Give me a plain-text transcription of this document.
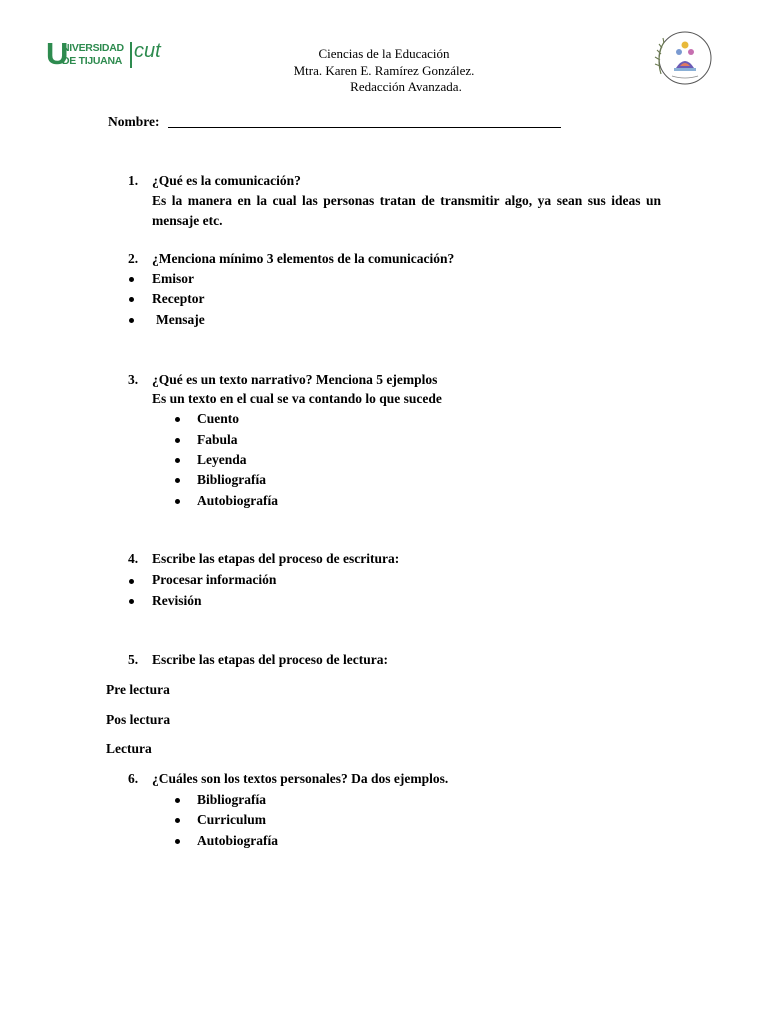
U
NIVERSIDAD
DE TIJUANA cut	Ciencias de la Educación
Mtra. Karen E. Ramírez González.
Redacción Avanzada.
Nombre:
1. ¿Qué es la comunicación?
Es la manera en la cual las personas tratan de transmitir algo, ya sean sus ideas un mensaje etc.
2. ¿Menciona mínimo 3 elementos de la comunicación?
Emisor
Receptor
Mensaje
3. ¿Qué es un texto narrativo? Menciona 5 ejemplos
Es un texto en el cual se va contando lo que sucede
Cuento
Fabula
Leyenda
Bibliografía
Autobiografía
4. Escribe las etapas del proceso de escritura:
Procesar información
Revisión
5. Escribe las etapas del proceso de lectura:
Pre lectura
Pos lectura
Lectura
6. ¿Cuáles son los textos personales? Da dos ejemplos.
Bibliografía
Curriculum
Autobiografía
